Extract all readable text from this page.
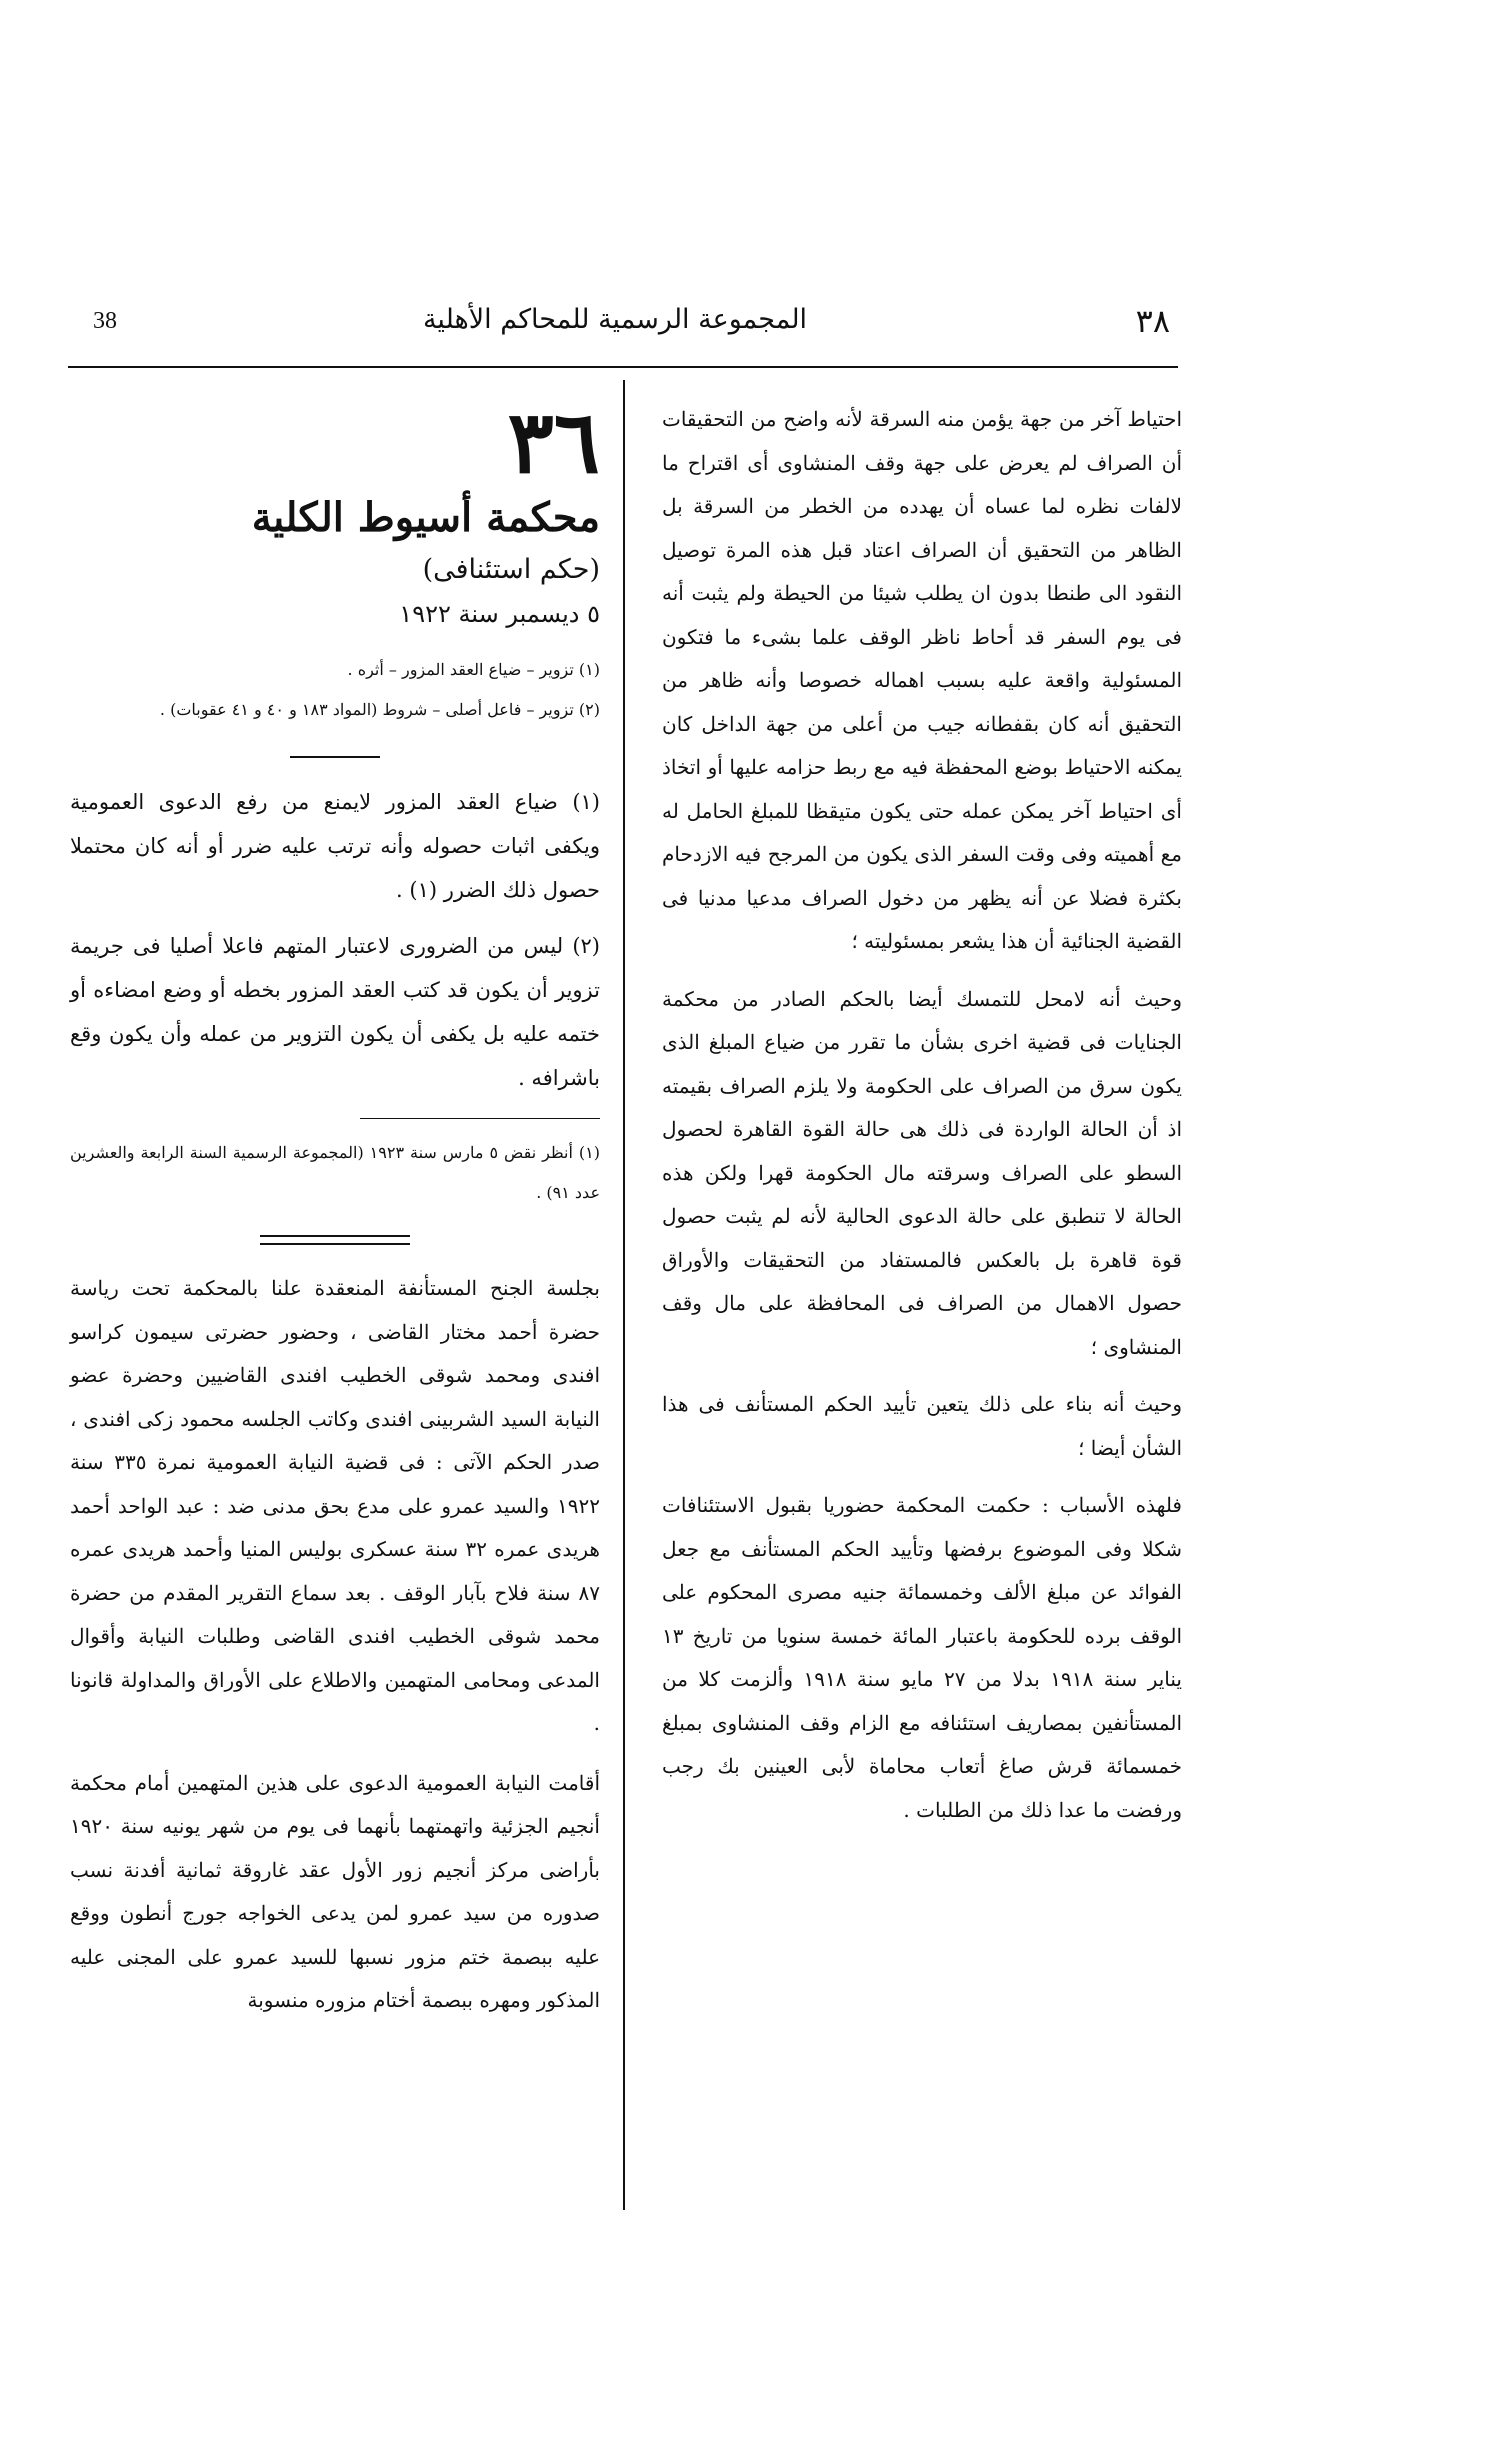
38	المجموعة الرسمية للمحاكم الأهلية	٣٨

احتياط آخر من جهة يؤمن منه السرقة لأنه واضح من التحقيقات أن الصراف لم يعرض على جهة وقف المنشاوى أى اقتراح ما لالفات نظره لما عساه أن يهدده من الخطر من السرقة بل الظاهر من التحقيق أن الصراف اعتاد قبل هذه المرة توصيل النقود الى طنطا بدون ان يطلب شيئا من الحيطة ولم يثبت أنه فى يوم السفر قد أحاط ناظر الوقف علما بشىء ما فتكون المسئولية واقعة عليه بسبب اهماله خصوصا وأنه ظاهر من التحقيق أنه كان بقفطانه جيب من أعلى من جهة الداخل كان يمكنه الاحتياط بوضع المحفظة فيه مع ربط حزامه عليها أو اتخاذ أى احتياط آخر يمكن عمله حتى يكون متيقظا للمبلغ الحامل له مع أهميته وفى وقت السفر الذى يكون من المرجح فيه الازدحام بكثرة فضلا عن أنه يظهر من دخول الصراف مدعيا مدنيا فى القضية الجنائية أن هذا يشعر بمسئوليته ؛

وحيث أنه لامحل للتمسك أيضا بالحكم الصادر من محكمة الجنايات فى قضية اخرى بشأن ما تقرر من ضياع المبلغ الذى يكون سرق من الصراف على الحكومة ولا يلزم الصراف بقيمته اذ أن الحالة الواردة فى ذلك هى حالة القوة القاهرة لحصول السطو على الصراف وسرقته مال الحكومة قهرا ولكن هذه الحالة لا تنطبق على حالة الدعوى الحالية لأنه لم يثبت حصول قوة قاهرة بل بالعكس فالمستفاد من التحقيقات والأوراق حصول الاهمال من الصراف فى المحافظة على مال وقف المنشاوى ؛

وحيث أنه بناء على ذلك يتعين تأييد الحكم المستأنف فى هذا الشأن أيضا ؛

فلهذه الأسباب : حكمت المحكمة حضوريا بقبول الاستئنافات شكلا وفى الموضوع برفضها وتأييد الحكم المستأنف مع جعل الفوائد عن مبلغ الألف وخمسمائة جنيه مصرى المحكوم على الوقف برده للحكومة باعتبار المائة خمسة سنويا من تاريخ ١٣ يناير سنة ١٩١٨ بدلا من ٢٧ مايو سنة ١٩١٨ وألزمت كلا من المستأنفين بمصاريف استئنافه مع الزام وقف المنشاوى بمبلغ خمسمائة قرش صاغ أتعاب محاماة لأبى العينين بك رجب ورفضت ما عدا ذلك من الطلبات .

٣٦

محكمة أسيوط الكلية

(حكم استئنافى)

٥ ديسمبر سنة ١٩٢٢

(١) تزوير – ضياع العقد المزور – أثره .

(٢) تزوير – فاعل أصلى – شروط (المواد ١٨٣ و ٤٠ و ٤١ عقوبات) .

(١) ضياع العقد المزور لايمنع من رفع الدعوى العمومية ويكفى اثبات حصوله وأنه ترتب عليه ضرر أو أنه كان محتملا حصول ذلك الضرر (١) .

(٢) ليس من الضرورى لاعتبار المتهم فاعلا أصليا فى جريمة تزوير أن يكون قد كتب العقد المزور بخطه أو وضع امضاءه أو ختمه عليه بل يكفى أن يكون التزوير من عمله وأن يكون وقع باشرافه .

(١) أنظر نقض ٥ مارس سنة ١٩٢٣ (المجموعة الرسمية السنة الرابعة والعشرين عدد ٩١) .

بجلسة الجنح المستأنفة المنعقدة علنا بالمحكمة تحت رياسة حضرة أحمد مختار القاضى ، وحضور حضرتى سيمون كراسو افندى ومحمد شوقى الخطيب افندى القاضيين وحضرة عضو النيابة السيد الشربينى افندى وكاتب الجلسه محمود زكى افندى ، صدر الحكم الآتى : فى قضية النيابة العمومية نمرة ٣٣٥ سنة ١٩٢٢ والسيد عمرو على مدع بحق مدنى ضد : عبد الواحد أحمد هريدى عمره ٣٢ سنة عسكرى بوليس المنيا وأحمد هريدى عمره ٨٧ سنة فلاح بآبار الوقف . بعد سماع التقرير المقدم من حضرة محمد شوقى الخطيب افندى القاضى وطلبات النيابة وأقوال المدعى ومحامى المتهمين والاطلاع على الأوراق والمداولة قانونا .

أقامت النيابة العمومية الدعوى على هذين المتهمين أمام محكمة أنجيم الجزئية واتهمتهما بأنهما فى يوم من شهر يونيه سنة ١٩٢٠ بأراضى مركز أنجيم زور الأول عقد غاروقة ثمانية أفدنة نسب صدوره من سيد عمرو لمن يدعى الخواجه جورج أنطون ووقع عليه ببصمة ختم مزور نسبها للسيد عمرو على المجنى عليه المذكور ومهره ببصمة أختام مزوره منسوبة
